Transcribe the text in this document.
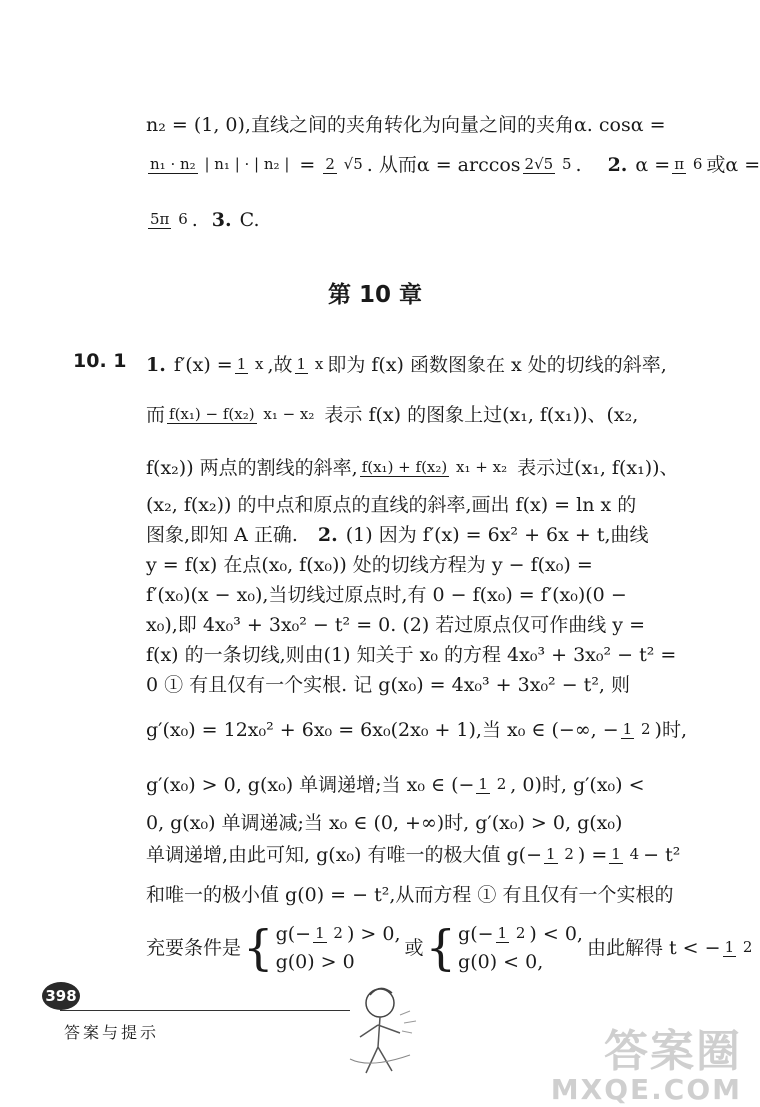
n₂ = (1, 0),直线之间的夹角转化为向量之间的夹角α. cosα =
n₁ · n₂ | n₁ | · | n₂ | = 2 √5 . 从而α = arccos 2√5 5 . 2. α = π 6 或α =
5π 6 . 3. C.
第 10 章
10. 1 1. f′(x) = 1 x ,故 1 x 即为 f(x) 函数图象在 x 处的切线的斜率,
而 f(x₁) − f(x₂) x₁ − x₂ 表示 f(x) 的图象上过(x₁, f(x₁))、(x₂,
f(x₂)) 两点的割线的斜率, f(x₁) + f(x₂) x₁ + x₂ 表示过(x₁, f(x₁))、
(x₂, f(x₂)) 的中点和原点的直线的斜率,画出 f(x) = ln x 的
图象,即知 A 正确. 2. (1) 因为 f′(x) = 6x² + 6x + t,曲线
y = f(x) 在点(x₀, f(x₀)) 处的切线方程为 y − f(x₀) =
f′(x₀)(x − x₀),当切线过原点时,有 0 − f(x₀) = f′(x₀)(0 −
x₀),即 4x₀³ + 3x₀² − t² = 0. (2) 若过原点仅可作曲线 y =
f(x) 的一条切线,则由(1) 知关于 x₀ 的方程 4x₀³ + 3x₀² − t² =
0 ① 有且仅有一个实根. 记 g(x₀) = 4x₀³ + 3x₀² − t², 则
g′(x₀) = 12x₀² + 6x₀ = 6x₀(2x₀ + 1),当 x₀ ∈ (−∞, − 1 2 )时,
g′(x₀) > 0, g(x₀) 单调递增;当 x₀ ∈ (− 1 2 , 0)时, g′(x₀) <
0, g(x₀) 单调递减;当 x₀ ∈ (0, +∞)时, g′(x₀) > 0, g(x₀)
单调递增,由此可知, g(x₀) 有唯一的极大值 g(− 1 2 ) = 1 4 − t²
和唯一的极小值 g(0) = − t²,从而方程 ① 有且仅有一个实根的
充要条件是 { g(− 1 2 ) > 0,
g(0) > 0
或 { g(− 1 2 ) < 0,
g(0) < 0,
由此解得 t < − 1 2
398
答案与提示	答案圈
MXQE.COM
